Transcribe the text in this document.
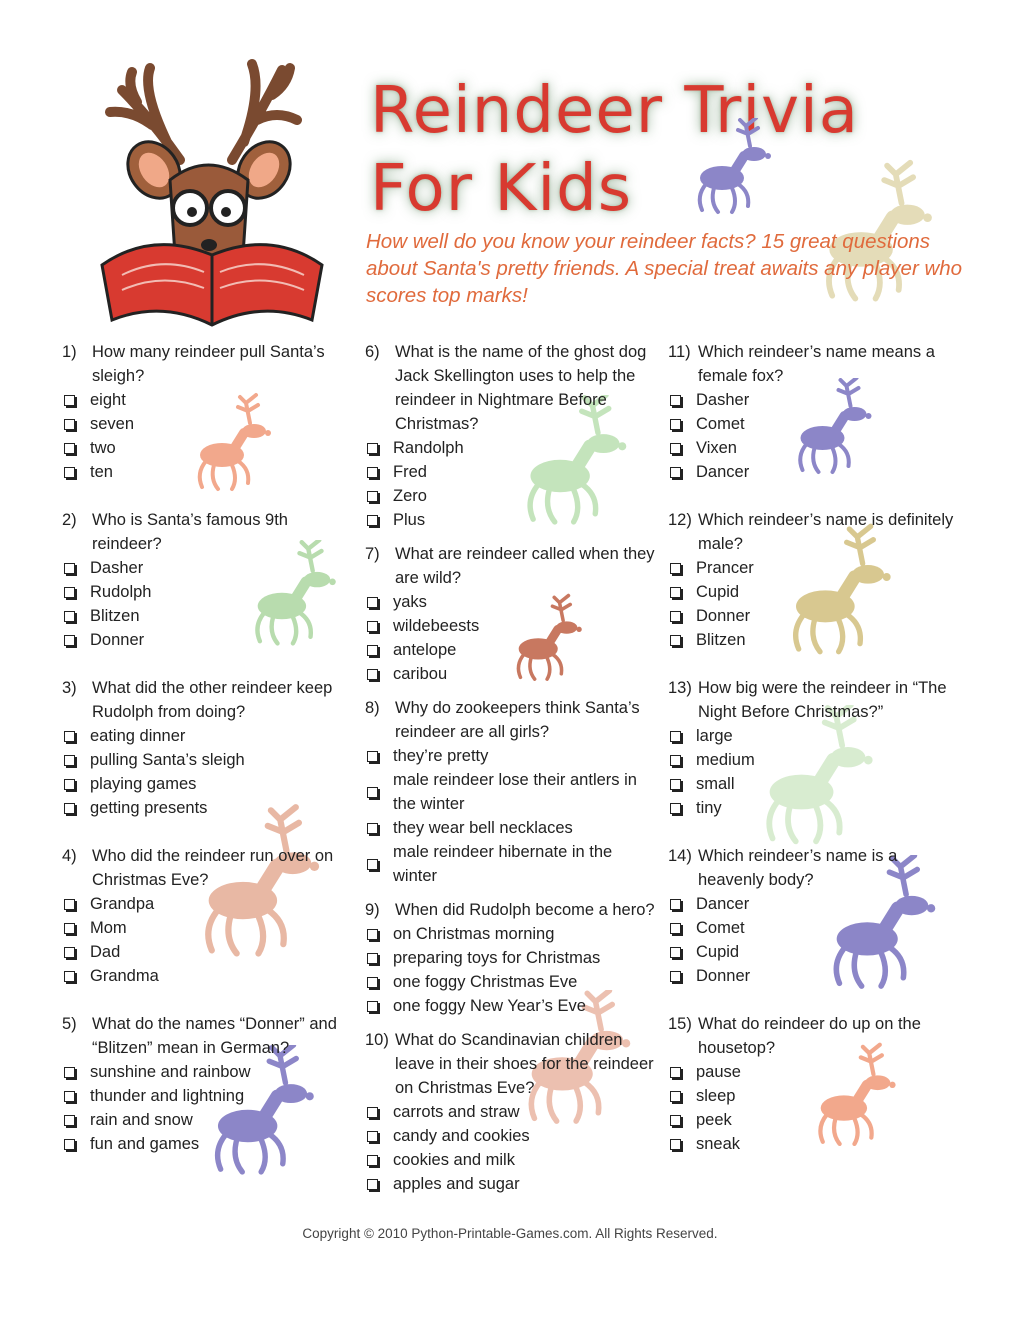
Reindeer Trivia
For Kids

How well do you know your reindeer facts? 15 great questions about Santa's pretty friends. A special treat awaits any player who scores top marks!

1) How many reindeer pull Santa’s sleigh?
eight
seven
two
ten
2) Who is Santa’s famous 9th reindeer?
Dasher
Rudolph
Blitzen
Donner
3) What did the other reindeer keep Rudolph from doing?
eating dinner
pulling Santa’s sleigh
playing games
getting presents
4) Who did the reindeer run over on Christmas Eve?
Grandpa
Mom
Dad
Grandma
5) What do the names “Donner” and “Blitzen” mean in German?
sunshine and rainbow
thunder and lightning
rain and snow
fun and games
6) What is the name of the ghost dog Jack Skellington uses to help the reindeer in Nightmare Before Christmas?
Randolph
Fred
Zero
Plus
7) What are reindeer called when they are wild?
yaks
wildebeests
antelope
caribou
8) Why do zookeepers think Santa’s reindeer are all girls?
they’re pretty
male reindeer lose their antlers in the winter
they wear bell necklaces
male reindeer hibernate in the winter
9) When did Rudolph become a hero?
on Christmas morning
preparing toys for Christmas
one foggy Christmas Eve
one foggy New Year’s Eve
10) What do Scandinavian children leave in their shoes for the reindeer on Christmas Eve?
carrots and straw
candy and cookies
cookies and milk
apples and sugar
11) Which reindeer’s name means a female fox?
Dasher
Comet
Vixen
Dancer
12) Which reindeer’s name is definitely male?
Prancer
Cupid
Donner
Blitzen
13) How big were the reindeer in “The Night Before Christmas?”
large
medium
small
tiny
14) Which reindeer’s name is a heavenly body?
Dancer
Comet
Cupid
Donner
15) What do reindeer do up on the housetop?
pause
sleep
peek
sneak

Copyright © 2010 Python-Printable-Games.com. All Rights Reserved.
